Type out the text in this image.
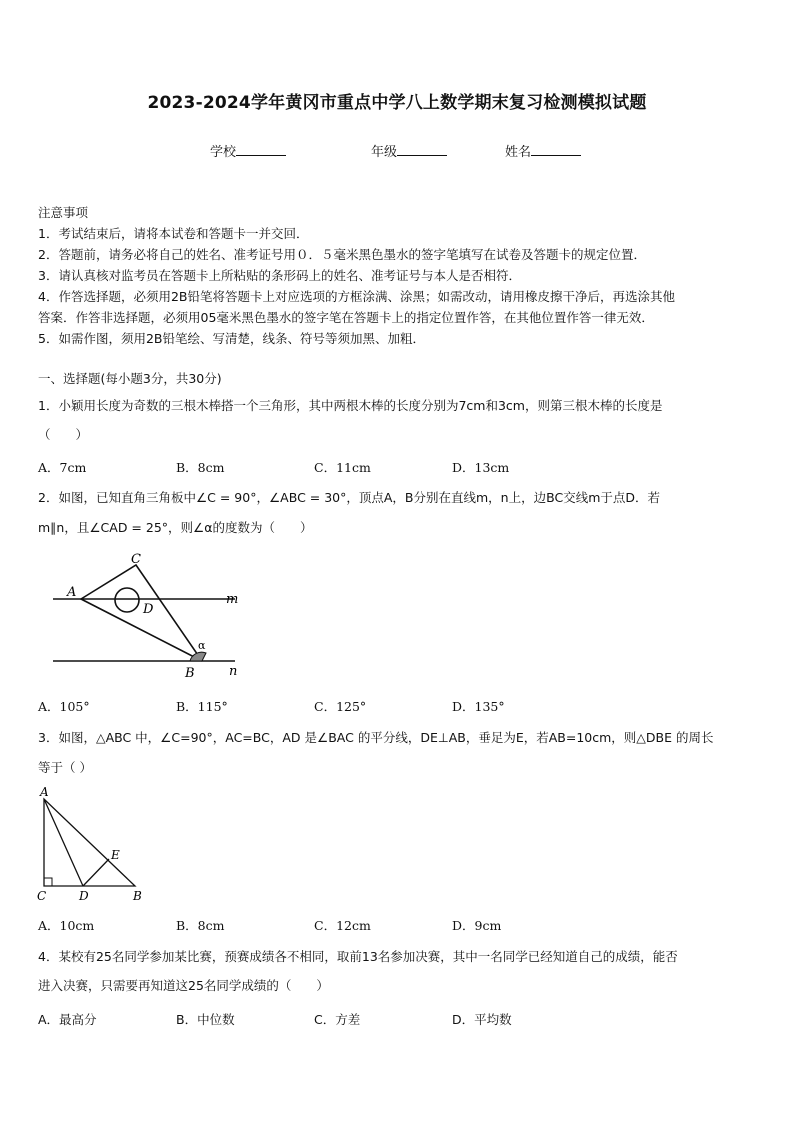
2023-2024学年黄冈市重点中学八上数学期末复习检测模拟试题
学校	年级	姓名
注意事项
1．考试结束后，请将本试卷和答题卡一并交回．
2．答题前，请务必将自己的姓名、准考证号用０．５毫米黑色墨水的签字笔填写在试卷及答题卡的规定位置．
3．请认真核对监考员在答题卡上所粘贴的条形码上的姓名、准考证号与本人是否相符．
4．作答选择题，必须用2B铅笔将答题卡上对应选项的方框涂满、涂黑；如需改动，请用橡皮擦干净后，再选涂其他
答案．作答非选择题，必须用05毫米黑色墨水的签字笔在答题卡上的指定位置作答，在其他位置作答一律无效．
5．如需作图，须用2B铅笔绘、写清楚，线条、符号等须加黑、加粗．
一、选择题(每小题3分，共30分)
1．小颖用长度为奇数的三根木棒搭一个三角形，其中两根木棒的长度分别为7cm和3cm，则第三根木棒的长度是
（　　）
A．7cm	B．8cm	C．11cm	D．13cm
2．如图，已知直角三角板中∠C = 90°，∠ABC = 30°，顶点A，B分别在直线m，n上，边BC交线m于点D．若
m∥n，且∠CAD = 25°，则∠α的度数为（　　）
C
A
D
m
α
B	n
A．105°	B．115°	C．125°	D．135°
3．如图，△ABC 中，∠C=90°，AC=BC，AD 是∠BAC 的平分线，DE⊥AB，垂足为E，若AB=10cm，则△DBE 的周长
等于（ ）
A
E
C	D	B
A．10cm	B．8cm	C．12cm	D．9cm
4．某校有25名同学参加某比赛，预赛成绩各不相同，取前13名参加决赛，其中一名同学已经知道自己的成绩，能否
进入决赛，只需要再知道这25名同学成绩的（　　）
A．最高分	B．中位数	C．方差	D．平均数
